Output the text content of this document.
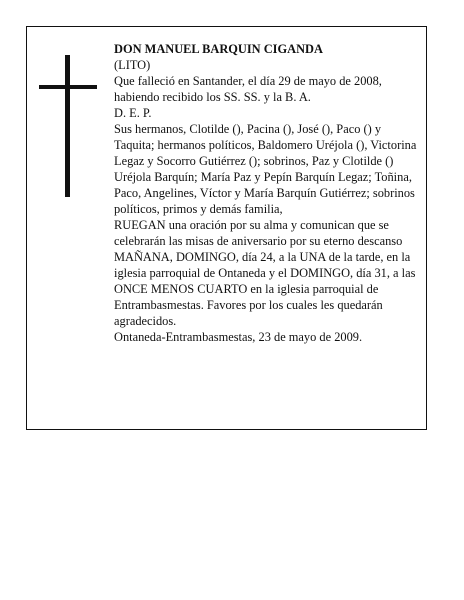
DON MANUEL BARQUIN CIGANDA

(LITO)

Que falleció en Santander, el día 29 de mayo de 2008, habiendo recibido los SS. SS. y la B. A.

D. E. P.

Sus hermanos, Clotilde (), Pacina (), José (), Paco () y Taquita; hermanos políticos, Baldomero Uréjola (), Victorina Legaz y Socorro Gutiérrez (); sobrinos, Paz y Clotilde () Uréjola Barquín; María Paz y Pepín Barquín Legaz; Toñina, Paco, Angelines, Víctor y María Barquín Gutiérrez; sobrinos políticos, primos y demás familia,

RUEGAN una oración por su alma y comunican que se celebrarán las misas de aniversario por su eterno descanso MAÑANA, DOMINGO, día 24, a la UNA de la tarde, en la iglesia parroquial de Ontaneda y el DOMINGO, día 31, a las ONCE MENOS CUARTO en la iglesia parroquial de Entrambasmestas. Favores por los cuales les quedarán agradecidos.

Ontaneda-Entrambasmestas, 23 de mayo de 2009.
